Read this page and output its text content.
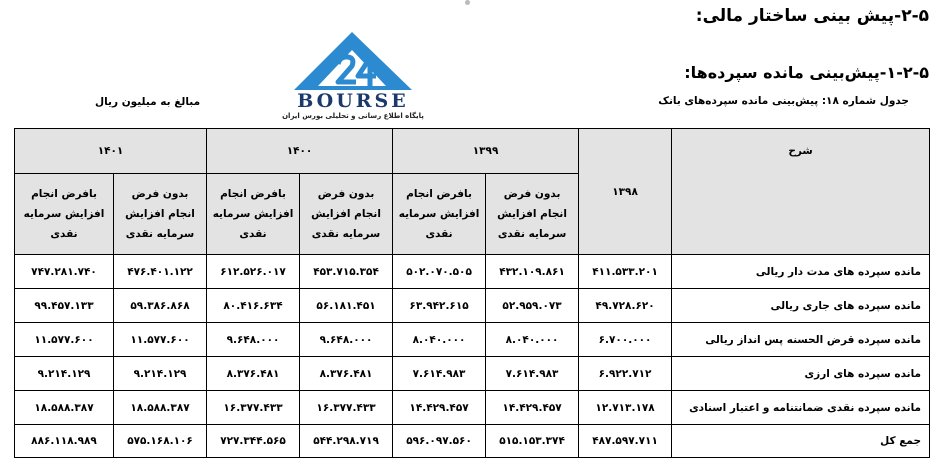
۲-۵-پیش بینی ساختار مالی:
۱-۲-۵-پیش‌بینی مانده سپرده‌ها:
BOURSE
پایگاه اطلاع رسانی و تحلیلی بورس ایران
جدول شماره ۱۸: پیش‌بینی مانده سپرده‌های بانک
مبالغ به میلیون ریال
شرح	۱۳۹۸	۱۳۹۹		۱۴۰۰		۱۴۰۱	
		بدون فرض انجام افزایش سرمایه نقدی	بافرض انجام افزایش سرمایه نقدی	بدون فرض انجام افزایش سرمایه نقدی	بافرض انجام افزایش سرمایه نقدی	بدون فرض انجام افزایش سرمایه نقدی	بافرض انجام افزایش سرمایه نقدی
مانده سپرده های مدت دار ریالی	۴۱۱.۵۳۳.۲۰۱	۴۳۲.۱۰۹.۸۶۱	۵۰۲.۰۷۰.۵۰۵	۴۵۳.۷۱۵.۳۵۴	۶۱۲.۵۲۶.۰۱۷	۴۷۶.۴۰۱.۱۲۲	۷۴۷.۲۸۱.۷۴۰
مانده سپرده های جاری ریالی	۴۹.۷۲۸.۶۲۰	۵۲.۹۵۹.۰۷۳	۶۳.۹۴۲.۶۱۵	۵۶.۱۸۱.۴۵۱	۸۰.۴۱۶.۶۳۴	۵۹.۳۸۶.۸۶۸	۹۹.۴۵۷.۱۳۳
مانده سپرده قرض الحسنه پس انداز ریالی	۶.۷۰۰.۰۰۰	۸.۰۴۰.۰۰۰	۸.۰۴۰.۰۰۰	۹.۶۴۸.۰۰۰	۹.۶۴۸.۰۰۰	۱۱.۵۷۷.۶۰۰	۱۱.۵۷۷.۶۰۰
مانده سپرده های ارزی	۶.۹۲۲.۷۱۲	۷.۶۱۴.۹۸۳	۷.۶۱۴.۹۸۳	۸.۳۷۶.۴۸۱	۸.۳۷۶.۴۸۱	۹.۲۱۴.۱۲۹	۹.۲۱۴.۱۲۹
مانده سپرده نقدی ضمانتنامه و اعتبار اسنادی	۱۲.۷۱۳.۱۷۸	۱۴.۴۲۹.۴۵۷	۱۴.۴۲۹.۴۵۷	۱۶.۳۷۷.۴۳۳	۱۶.۳۷۷.۴۳۳	۱۸.۵۸۸.۳۸۷	۱۸.۵۸۸.۳۸۷
جمع کل	۴۸۷.۵۹۷.۷۱۱	۵۱۵.۱۵۳.۳۷۴	۵۹۶.۰۹۷.۵۶۰	۵۴۴.۲۹۸.۷۱۹	۷۲۷.۳۴۴.۵۶۵	۵۷۵.۱۶۸.۱۰۶	۸۸۶.۱۱۸.۹۸۹
